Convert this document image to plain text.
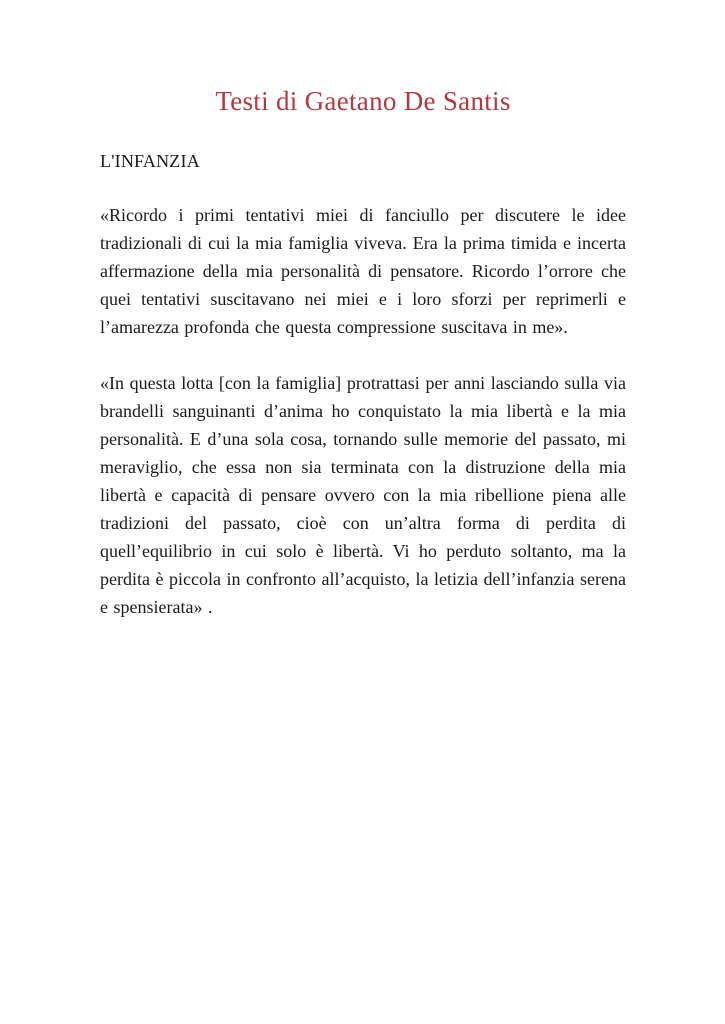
Testi di Gaetano De Santis
L'INFANZIA

«Ricordo i primi tentativi miei di fanciullo per discutere le idee tradizionali di cui la mia famiglia viveva. Era la prima timida e incerta affermazione della mia personalità di pensatore. Ricordo l’orrore che quei tentativi suscitavano nei miei e i loro sforzi per reprimerli e l’amarezza profonda che questa compressione suscitava in me».

«In questa lotta [con la famiglia] protrattasi per anni lasciando sulla via brandelli sanguinanti d’anima ho conquistato la mia libertà e la mia personalità. E d’una sola cosa, tornando sulle memorie del passato, mi meraviglio, che essa non sia terminata con la distruzione della mia libertà e capacità di pensare ovvero con la mia ribellione piena alle tradizioni del passato, cioè con un’altra forma di perdita di quell’equilibrio in cui solo è libertà. Vi ho perduto soltanto, ma la perdita è piccola in confronto all’acquisto, la letizia dell’infanzia serena e spensierata» .
